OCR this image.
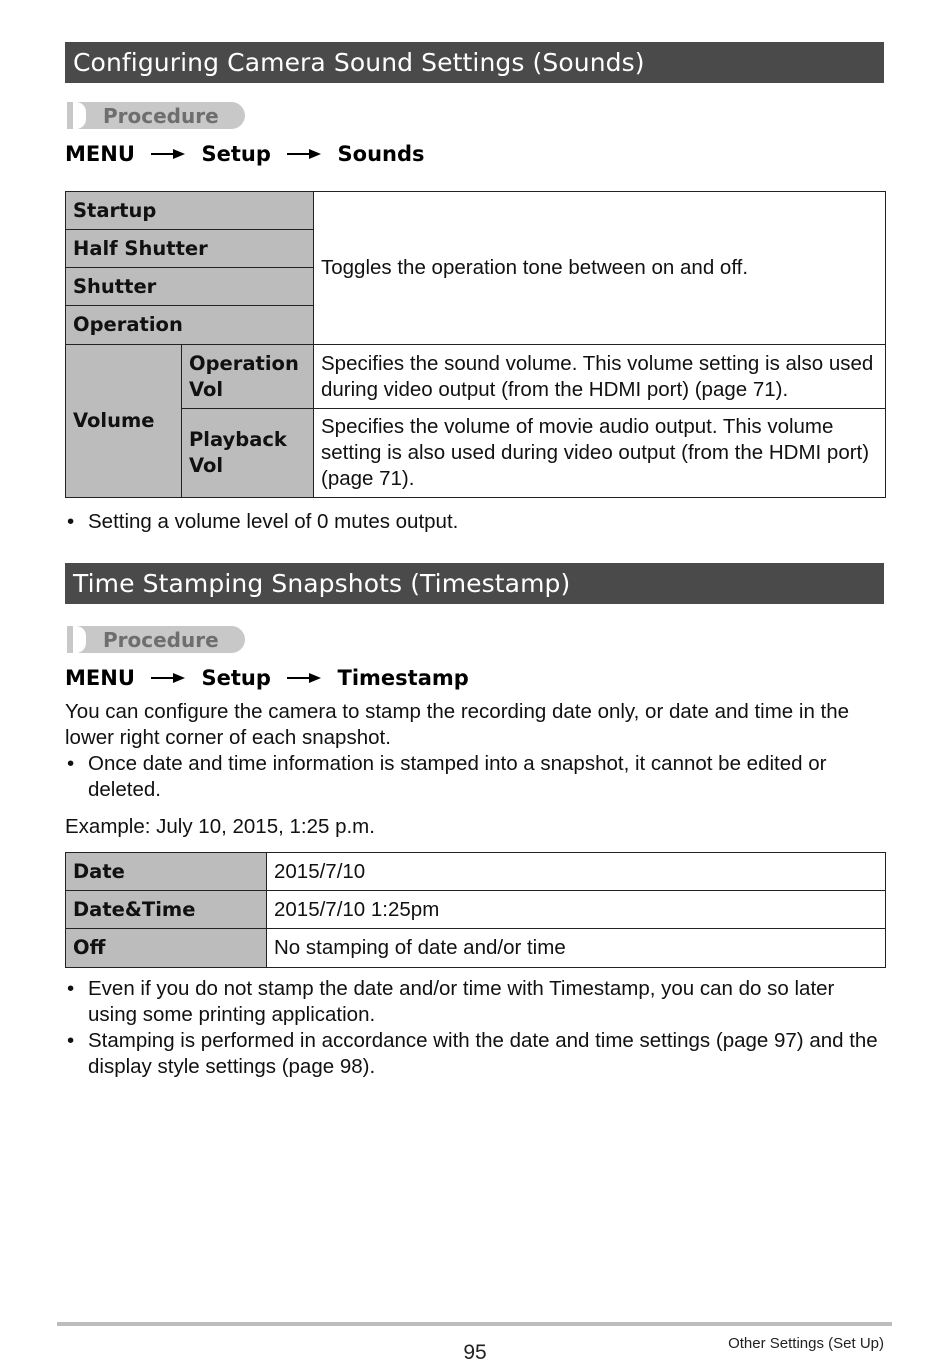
Configuring Camera Sound Settings (Sounds)
Procedure
MENU	Setup	Sounds
Startup		Toggles the operation tone between on and off.
Half Shutter		
Shutter		
Operation		
Volume	Operation Vol	Specifies the sound volume. This volume setting is also used during video output (from the HDMI port) (page 71).
	Playback Vol	Specifies the volume of movie audio output. This volume setting is also used during video output (from the HDMI port) (page 71).
• Setting a volume level of 0 mutes output.
Time Stamping Snapshots (Timestamp)
Procedure
MENU	Setup	Timestamp
You can configure the camera to stamp the recording date only, or date and time in the lower right corner of each snapshot.
• Once date and time information is stamped into a snapshot, it cannot be edited or deleted.
Example: July 10, 2015, 1:25 p.m.
Date	2015/7/10
Date&Time	2015/7/10 1:25pm
Off	No stamping of date and/or time
• Even if you do not stamp the date and/or time with Timestamp, you can do so later using some printing application.
• Stamping is performed in accordance with the date and time settings (page 97) and the display style settings (page 98).
95	Other Settings (Set Up)
